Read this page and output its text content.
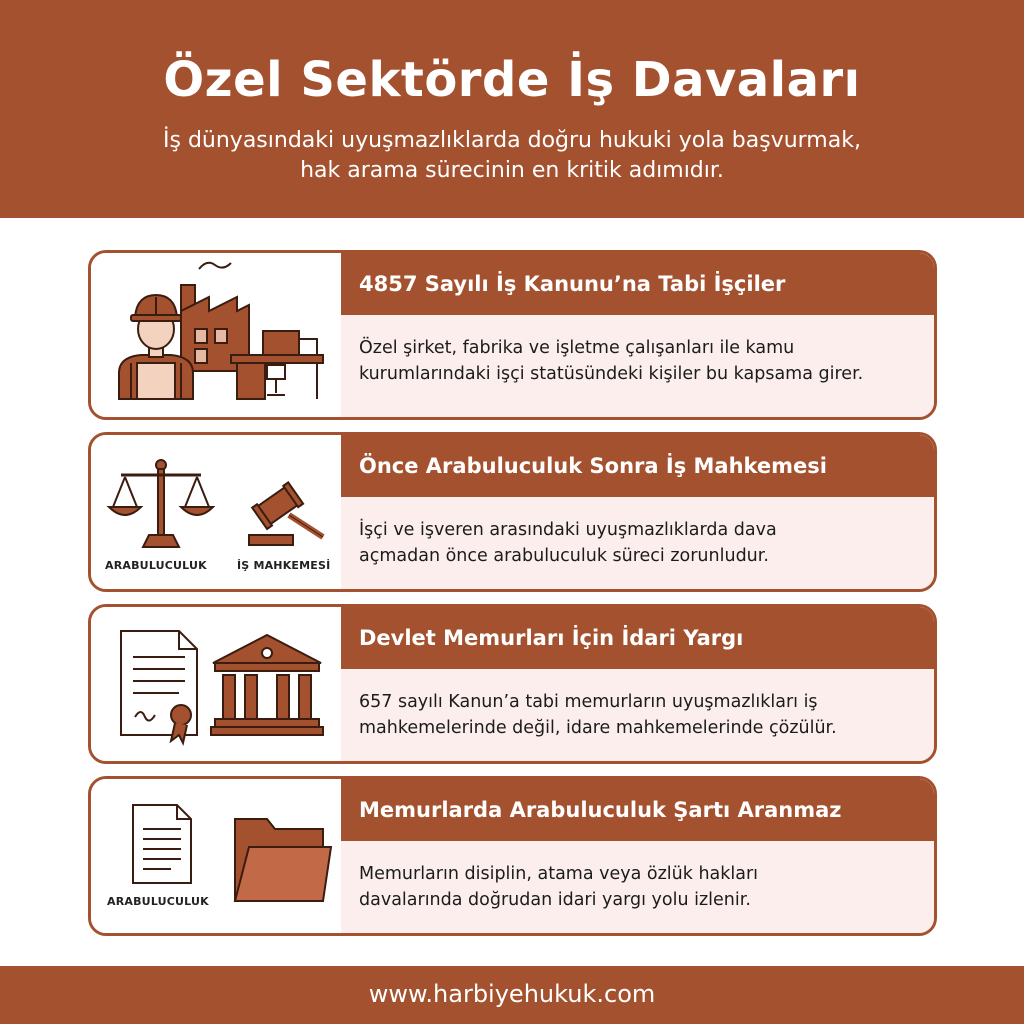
Özel Sektörde İş Davaları
İş dünyasındaki uyuşmazlıklarda doğru hukuki yola başvurmak,
hak arama sürecinin en kritik adımıdır.
4857 Sayılı İş Kanunu’na Tabi İşçiler
Özel şirket, fabrika ve işletme çalışanları ile kamu
kurumlarındaki işçi statüsündeki kişiler bu kapsama girer.
ARABULUCULUK	İŞ MAHKEMESİ
Önce Arabuluculuk Sonra İş Mahkemesi
İşçi ve işveren arasındaki uyuşmazlıklarda dava
açmadan önce arabuluculuk süreci zorunludur.
Devlet Memurları İçin İdari Yargı
657 sayılı Kanun’a tabi memurların uyuşmazlıkları iş
mahkemelerinde değil, idare mahkemelerinde çözülür.
ARABULUCULUK
Memurlarda Arabuluculuk Şartı Aranmaz
Memurların disiplin, atama veya özlük hakları
davalarında doğrudan idari yargı yolu izlenir.
www.harbiyehukuk.com
